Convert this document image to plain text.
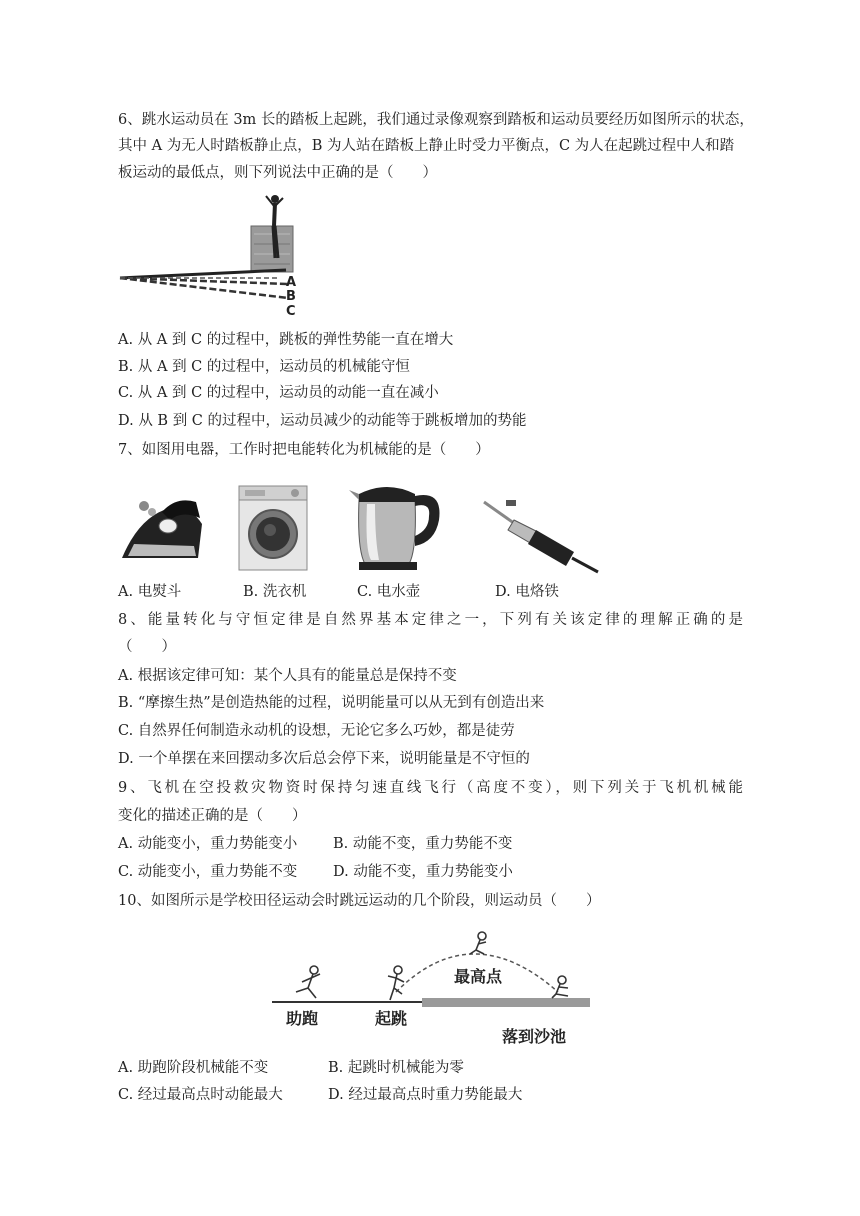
6、跳水运动员在 3m 长的踏板上起跳，我们通过录像观察到踏板和运动员要经历如图所示的状态，
其中 A 为无人时踏板静止点，B 为人站在踏板上静止时受力平衡点，C 为人在起跳过程中人和踏
板运动的最低点，则下列说法中正确的是（　　）
A
B
C
A. 从 A 到 C 的过程中，跳板的弹性势能一直在增大
B. 从 A 到 C 的过程中，运动员的机械能守恒
C. 从 A 到 C 的过程中，运动员的动能一直在减小
D. 从 B 到 C 的过程中，运动员减少的动能等于跳板增加的势能
7、如图用电器，工作时把电能转化为机械能的是（　　）
A. 电熨斗	B. 洗衣机	C. 电水壶	D. 电烙铁
8、能量转化与守恒定律是自然界基本定律之一，下列有关该定律的理解正确的是
（　　）
A. 根据该定律可知：某个人具有的能量总是保持不变
B. “摩擦生热”是创造热能的过程，说明能量可以从无到有创造出来
C. 自然界任何制造永动机的设想，无论它多么巧妙，都是徒劳
D. 一个单摆在来回摆动多次后总会停下来，说明能量是不守恒的
9、飞机在空投救灾物资时保持匀速直线飞行（高度不变），则下列关于飞机机械能
变化的描述正确的是（　　）
A. 动能变小，重力势能变小 B. 动能不变，重力势能不变
C. 动能变小，重力势能不变 D. 动能不变，重力势能变小
10、如图所示是学校田径运动会时跳远运动的几个阶段，则运动员（　　）
助跑	起跳
最高点
落到沙池
A. 助跑阶段机械能不变	B. 起跳时机械能为零
C. 经过最高点时动能最大	D. 经过最高点时重力势能最大
